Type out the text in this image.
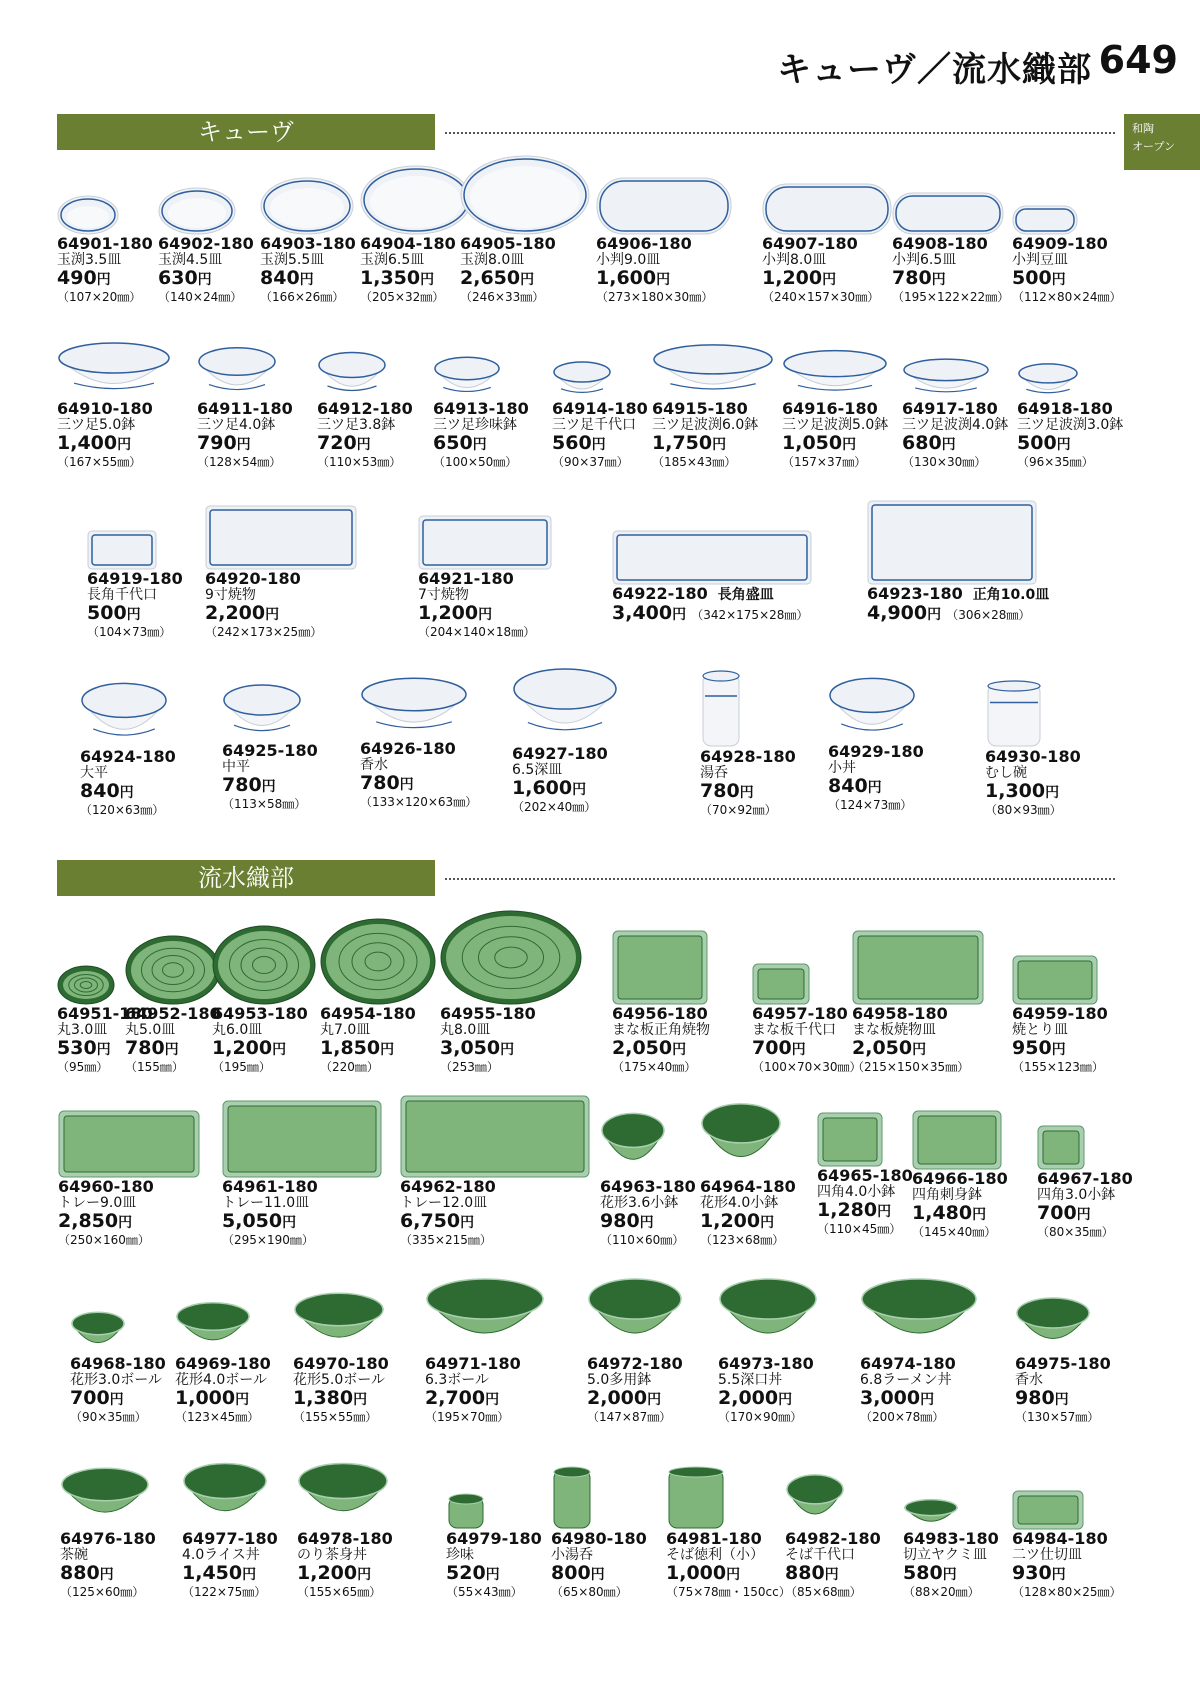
キューヴ／流水織部 649
和陶
オープン
キューヴ
流水織部
64901-180
玉渕3.5皿
490円
（107×20㎜）
64902-180
玉渕4.5皿
630円
（140×24㎜）
64903-180
玉渕5.5皿
840円
（166×26㎜）
64904-180
玉渕6.5皿
1,350円
（205×32㎜）
64905-180
玉渕8.0皿
2,650円
（246×33㎜）
64906-180
小判9.0皿
1,600円
（273×180×30㎜）
64907-180
小判8.0皿
1,200円
（240×157×30㎜）
64908-180
小判6.5皿
780円
（195×122×22㎜）
64909-180
小判豆皿
500円
（112×80×24㎜）
64910-180
三ツ足5.0鉢
1,400円
（167×55㎜）
64911-180
三ツ足4.0鉢
790円
（128×54㎜）
64912-180
三ツ足3.8鉢
720円
（110×53㎜）
64913-180
三ツ足珍味鉢
650円
（100×50㎜）
64914-180
三ツ足千代口
560円
（90×37㎜）
64915-180
三ツ足波渕6.0鉢
1,750円
（185×43㎜）
64916-180
三ツ足波渕5.0鉢
1,050円
（157×37㎜）
64917-180
三ツ足波渕4.0鉢
680円
（130×30㎜）
64918-180
三ツ足波渕3.0鉢
500円
（96×35㎜）
64919-180
長角千代口
500円
（104×73㎜）
64920-180
9寸焼物
2,200円
（242×173×25㎜）
64921-180
7寸焼物
1,200円
（204×140×18㎜）
64922-180 長角盛皿
3,400円 （342×175×28㎜）
64923-180 正角10.0皿
4,900円 （306×28㎜）
64924-180
大平
840円
（120×63㎜）
64925-180
中平
780円
（113×58㎜）
64926-180
香水
780円
（133×120×63㎜）
64927-180
6.5深皿
1,600円
（202×40㎜）
64928-180
湯呑
780円
（70×92㎜）
64929-180
小丼
840円
（124×73㎜）
64930-180
むし碗
1,300円
（80×93㎜）
64951-180
丸3.0皿
530円
（95㎜）
64952-180
丸5.0皿
780円
（155㎜）
64953-180
丸6.0皿
1,200円
（195㎜）
64954-180
丸7.0皿
1,850円
（220㎜）
64955-180
丸8.0皿
3,050円
（253㎜）
64956-180
まな板正角焼物
2,050円
（175×40㎜）
64957-180
まな板千代口
700円
（100×70×30㎜）
64958-180
まな板焼物皿
2,050円
（215×150×35㎜）
64959-180
焼とり皿
950円
（155×123㎜）
64960-180
トレー9.0皿
2,850円
（250×160㎜）
64961-180
トレー11.0皿
5,050円
（295×190㎜）
64962-180
トレー12.0皿
6,750円
（335×215㎜）
64963-180
花形3.6小鉢
980円
（110×60㎜）
64964-180
花形4.0小鉢
1,200円
（123×68㎜）
64965-180
四角4.0小鉢
1,280円
（110×45㎜）
64966-180
四角刺身鉢
1,480円
（145×40㎜）
64967-180
四角3.0小鉢
700円
（80×35㎜）
64968-180
花形3.0ボール
700円
（90×35㎜）
64969-180
花形4.0ボール
1,000円
（123×45㎜）
64970-180
花形5.0ボール
1,380円
（155×55㎜）
64971-180
6.3ボール
2,700円
（195×70㎜）
64972-180
5.0多用鉢
2,000円
（147×87㎜）
64973-180
5.5深口丼
2,000円
（170×90㎜）
64974-180
6.8ラーメン丼
3,000円
（200×78㎜）
64975-180
香水
980円
（130×57㎜）
64976-180
茶碗
880円
（125×60㎜）
64977-180
4.0ライス丼
1,450円
（122×75㎜）
64978-180
のり茶身丼
1,200円
（155×65㎜）
64979-180
珍味
520円
（55×43㎜）
64980-180
小湯呑
800円
（65×80㎜）
64981-180
そば徳利（小）
1,000円
（75×78㎜・150cc）
64982-180
そば千代口
880円
（85×68㎜）
64983-180
切立ヤクミ皿
580円
（88×20㎜）
64984-180
二ツ仕切皿
930円
（128×80×25㎜）
